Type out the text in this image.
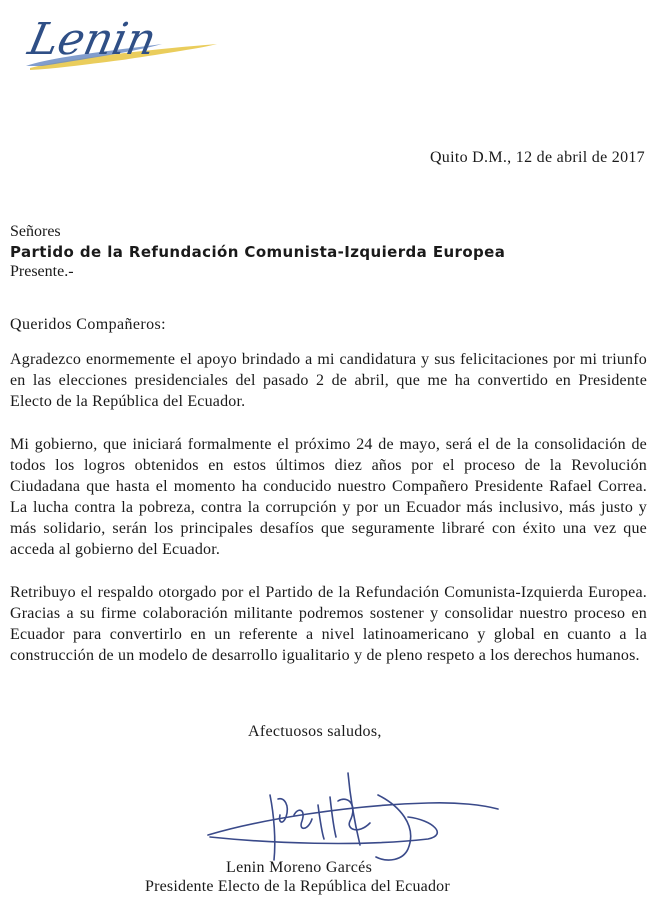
Lenin
Quito D.M., 12 de abril de 2017
Señores
Partido de la Refundación Comunista-Izquierda Europea
Presente.-
Queridos Compañeros:

Agradezco enormemente el apoyo brindado a mi candidatura y sus felicitaciones por mi triunfo en las elecciones presidenciales del pasado 2 de abril, que me ha convertido en Presidente Electo de la República del Ecuador.

Mi gobierno, que iniciará formalmente el próximo 24 de mayo, será el de la consolidación de todos los logros obtenidos en estos últimos diez años por el proceso de la Revolución Ciudadana que hasta el momento ha conducido nuestro Compañero Presidente Rafael Correa. La lucha contra la pobreza, contra la corrupción y por un Ecuador más inclusivo, más justo y más solidario, serán los principales desafíos que seguramente libraré con éxito una vez que acceda al gobierno del Ecuador.

Retribuyo el respaldo otorgado por el Partido de la Refundación Comunista-Izquierda Europea. Gracias a su firme colaboración militante podremos sostener y consolidar nuestro proceso en Ecuador para convertirlo en un referente a nivel latinoamericano y global en cuanto a la construcción de un modelo de desarrollo igualitario y de pleno respeto a los derechos humanos.

Afectuosos saludos,
Lenin Moreno Garcés
Presidente Electo de la República del Ecuador
